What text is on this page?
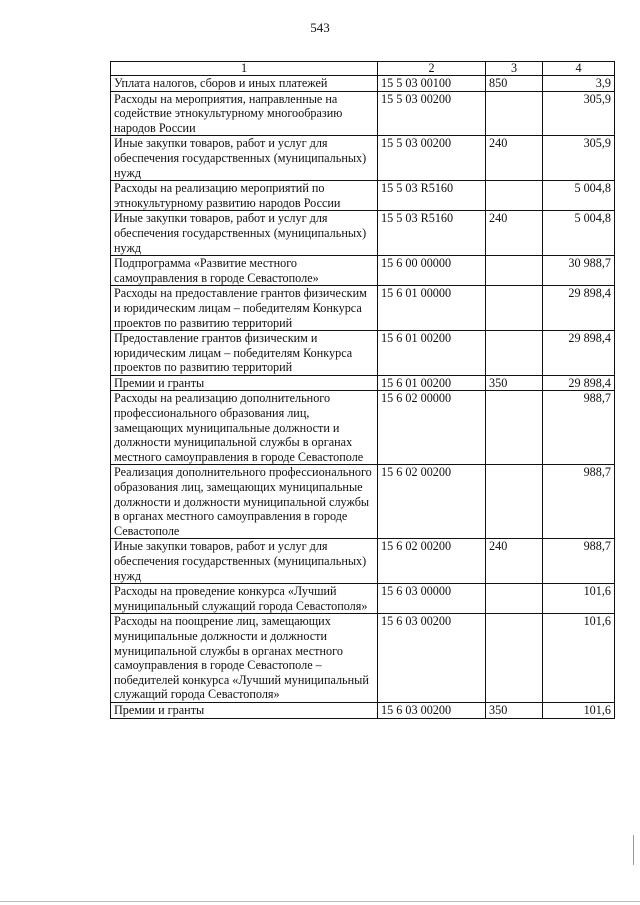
543
1	2	3	4
Уплата налогов, сборов и иных платежей	15 5 03 00100	850	3,9
Расходы на мероприятия, направленные на содействие этнокультурному многообразию народов России	15 5 03 00200		305,9
Иные закупки товаров, работ и услуг для обеспечения государственных (муниципальных) нужд	15 5 03 00200	240	305,9
Расходы на реализацию мероприятий по этнокультурному развитию народов России	15 5 03 R5160		5 004,8
Иные закупки товаров, работ и услуг для обеспечения государственных (муниципальных) нужд	15 5 03 R5160	240	5 004,8
Подпрограмма «Развитие местного самоуправления в городе Севастополе»	15 6 00 00000		30 988,7
Расходы на предоставление грантов физическим и юридическим лицам – победителям Конкурса проектов по развитию территорий	15 6 01 00000		29 898,4
Предоставление грантов физическим и юридическим лицам – победителям Конкурса проектов по развитию территорий	15 6 01 00200		29 898,4
Премии и гранты	15 6 01 00200	350	29 898,4
Расходы на реализацию дополнительного профессионального образования лиц, замещающих муниципальные должности и должности муниципальной службы в органах местного самоуправления в городе Севастополе	15 6 02 00000		988,7
Реализация дополнительного профессионального образования лиц, замещающих муниципальные должности и должности муниципальной службы в органах местного самоуправления в городе Севастополе	15 6 02 00200		988,7
Иные закупки товаров, работ и услуг для обеспечения государственных (муниципальных) нужд	15 6 02 00200	240	988,7
Расходы на проведение конкурса «Лучший муниципальный служащий города Севастополя»	15 6 03 00000		101,6
Расходы на поощрение лиц, замещающих муниципальные должности и должности муниципальной службы в органах местного самоуправления в городе Севастополе – победителей конкурса «Лучший муниципальный служащий города Севастополя»	15 6 03 00200		101,6
Премии и гранты	15 6 03 00200	350	101,6
